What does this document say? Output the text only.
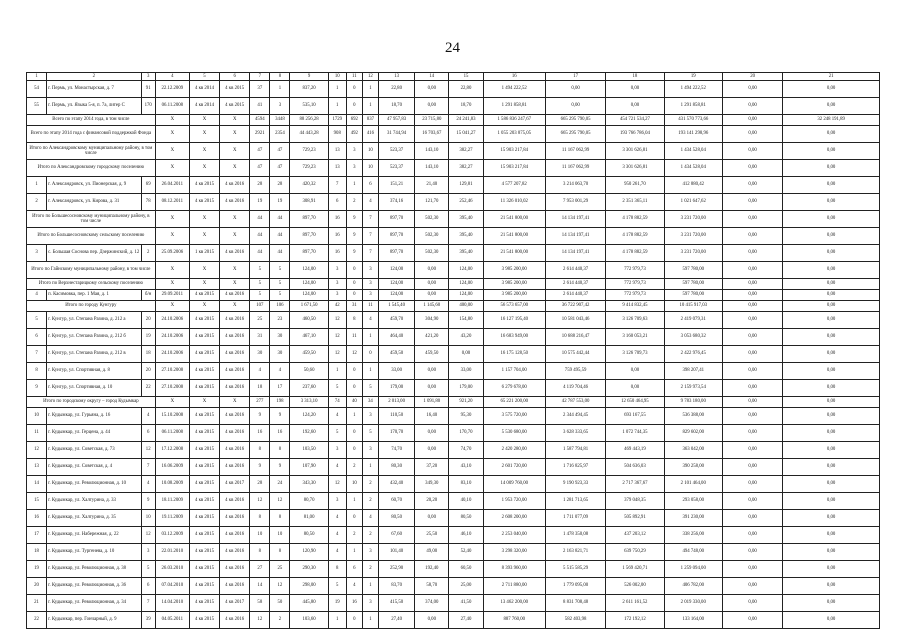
24
1	2	3	4	5	6	7	8	9	10	11	12	13	14	15	16	17	18	19	20	21
54	г. Пермь, ул. Монастырская, д. 7	91	22.12.2009	4 кв 2014	4 кв 2015	37	1	837,20	1	0	1	22,80	0,00	22,80	1 494 222,52	0,00	0,00	1 494 222,52	0,00	0,00
55	г. Пермь, ул. Языка 5-я, п. 7а, литер С	170	06.11.2008	4 кв 2014	4 кв 2015	41	3	535,10	1	0	1	18,70	0,00	18,70	1 291 858,81	0,00	0,00	1 291 858,81	0,00	0,00
Всего по этапу 2014 года, в том числе			X	X	X	4594	3448	88 256,28	1729	692	837	47 957,83	23 715,80	24 241,83	1 586 836 247,67	665 295 790,05	454 721 534,27	431 570 773,66	0,00	32 248 191,89
Всего по этапу 2014 года с финансовой поддержкой Фонда			X	X	X	2921	2354	44 443,28	908	492	416	31 744,94	16 703,67	15 041,27	1 055 203 875,05	665 295 790,05	193 766 786,04	193 141 298,96	0,00	0,00
Итого по Александровскому муниципальному району, в том числе			X	X	X	47	47	729,23	13	3	10	523,37	143,10	382,27	15 903 217,84	11 167 062,99	3 301 626,81	1 434 528,04	0,00	0,00
Итого по Александровскому городскому поселению			X	X	X	47	47	729,23	13	3	10	523,37	143,10	382,27	15 903 217,84	11 167 062,99	3 301 626,81	1 434 528,04	0,00	0,00
1	г. Александровск, ул. Пионерская, д. 9	69	26.04.2011	4 кв 2015	4 кв 2016	28	28	420,32	7	1	6	151,21	21,40	129,81	4 577 207,82	3 214 063,70	950 261,70	412 880,42	0,00	0,00
2	г. Александровск, ул. Кирова, д. 31	78	08.12.2011	4 кв 2015	4 кв 2016	19	19	308,91	6	2	4	374,16	121,70	252,46	11 326 010,02	7 953 001,29	2 351 365,11	1 021 647,62	0,00	0,00
Итого по Большесосновскому муниципальному району, в том числе			X	X	X	44	44	897,70	16	9	7	897,70	502,30	395,40	21 541 800,00	14 134 197,41	4 178 882,59	3 231 720,00	0,00	0,00
Итого по Большесосновскому сельскому поселению			X	X	X	44	44	897,70	16	9	7	897,70	502,30	395,40	21 541 800,00	14 134 197,41	4 178 882,59	3 231 720,00	0,00	0,00
3	с. Большая Соснова пер. Дзержинский, д. 12	2	25.09.2006	1 кв 2015	4 кв 2016	44	44	897,70	16	9	7	897,70	502,30	395,40	21 541 800,00	14 134 197,41	4 178 882,59	3 231 720,00	0,00	0,00
Итого по Гайнскому муниципальному району, в том числе			X	X	X	5	5	124,00	3	0	3	124,00	0,00	124,00	3 985 200,00	2 614 440,37	772 979,73	597 780,00	0,00	0,00
Итого по Верхнестарицкому сельскому поселению			X	X	X	5	5	124,00	3	0	3	124,00	0,00	124,00	3 985 200,00	2 614 440,37	772 979,73	597 780,00	0,00	0,00
4	п. Касимовка, пер. 1 Мая, д. 1	б/н	29.09.2011	4 кв 2015	4 кв 2016	5	5	124,00	3	0	3	124,00	0,00	124,00	3 985 200,00	2 614 440,37	772 979,73	597 780,00	0,00	0,00
Итого по городу Кунгуру			X	X	X	107	106	1 671,50	42	31	11	1 545,40	1 145,60	400,00	56 573 657,00	36 722 907,42	9 414 832,45	10 415 917,03	0,00	0,00
5	г. Кунгур, ул. Степана Разина, д. 212 а	20	24.10.2006	4 кв 2015	4 кв 2016	25	23	460,50	12	8	4	459,70	304,90	154,80	16 127 195,40	10 581 043,46	3 126 709,63	2 419 079,31	0,00	0,00
6	г. Кунгур, ул. Степана Разина, д. 212 б	19	24.10.2006	4 кв 2015	4 кв 2016	31	30	467,10	12	11	1	464,40	421,20	43,20	16 683 949,00	10 688 216,47	3 160 053,21	3 053 680,32	0,00	0,00
7	г. Кунгур, ул. Степана Разина, д. 212 в	18	24.10.2006	4 кв 2015	4 кв 2016	30	30	459,50	12	12	0	459,50	459,50	0,00	16 175 128,50	10 575 442,44	3 126 709,73	2 422 976,45	0,00	0,00
8	г. Кунгур, ул. Спортивная, д. 8	20	27.10.2008	4 кв 2015	4 кв 2016	4	4	50,60	1	0	1	33,00	0,00	33,00	1 157 704,00	759 495,59	0,00	398 207,41	0,00	0,00
9	г. Кунгур, ул. Спортивная, д. 10	22	27.10.2008	4 кв 2015	4 кв 2016	18	17	237,60	5	0	5	179,00	0,00	179,00	6 279 678,00	4 119 704,46	0,00	2 159 973,54	0,00	0,00
Итого по городскому округу – город Кудымкар			X	X	X	277	198	3 313,10	74	40	34	2 013,00	1 091,80	921,20	65 221 200,00	42 787 553,00	12 650 464,95	9 783 180,00	0,00	0,00
10	г. Кудымкар, ул. Гурьяна, д. 16	4	15.10.2008	4 кв 2015	4 кв 2016	9	9	124,20	4	1	3	110,50	16,40	95,30	3 575 720,00	2 344 494,45	693 167,55	536 388,00	0,00	0,00
11	г. Кудымкар, ул. Герцена, д. 44	6	06.11.2008	4 кв 2015	4 кв 2016	16	16	192,60	5	0	5	170,70	0,00	170,70	5 530 680,00	3 628 333,65	1 072 744,35	829 602,00	0,00	0,00
12	г. Кудымкар, ул. Советская, д. 73	12	17.12.2008	4 кв 2015	4 кв 2016	8	8	103,50	3	0	3	74,70	0,00	74,70	2 420 280,00	1 587 794,81	469 443,19	363 042,00	0,00	0,00
13	г. Кудымкар, ул. Советская, д. 4	7	16.06.2009	4 кв 2015	4 кв 2016	9	9	107,90	4	2	1	80,30	37,20	43,10	2 601 720,00	1 716 825,97	504 636,03	390 258,00	0,00	0,00
14	г. Кудымкар, ул. Революционная, д. 10	4	10.08.2009	4 кв 2015	4 кв 2017	28	24	343,30	12	10	2	432,40	349,30	83,10	14 009 760,00	9 190 923,33	2 717 367,67	2 101 464,00	0,00	0,00
15	г. Кудымкар, ул. Халтурина, д. 33	9	18.11.2009	4 кв 2015	4 кв 2016	12	12	80,70	3	1	2	60,70	20,20	40,10	1 953 720,00	1 281 713,65	379 048,35	293 058,00	0,00	0,00
16	г. Кудымкар, ул. Халтурина, д. 35	10	19.11.2009	4 кв 2015	4 кв 2016	8	8	81,00	4	0	4	80,50	0,00	80,50	2 608 200,00	1 711 077,09	505 892,91	391 230,00	0,00	0,00
17	г. Кудымкар, ул. Набережная, д. 22	12	03.12.2009	4 кв 2015	4 кв 2016	10	10	80,50	4	2	2	67,60	25,50	46,10	2 253 040,00	1 478 350,08	437 203,12	338 256,00	0,00	0,00
18	г. Кудымкар, ул. Тургенева, д. 10	3	22.01.2010	4 кв 2015	4 кв 2016	8	8	120,90	4	1	3	101,40	49,00	52,40	3 298 320,00	2 163 821,71	639 750,29	494 748,00	0,00	0,00
19	г. Кудымкар, ул. Революционная, д. 38	5	26.03.2010	4 кв 2015	4 кв 2016	27	25	290,30	8	6	2	252,90	192,40	60,50	8 393 960,00	5 515 585,29	1 569 420,71	1 259 094,00	0,00	0,00
20	г. Кудымкар, ул. Революционная, д. 36	6	07.04.2010	4 кв 2015	4 кв 2016	14	12	298,00	5	4	1	83,70	58,70	25,00	2 711 880,00	1 779 095,00	526 002,00	406 782,00	0,00	0,00
21	г. Кудымкар, ул. Революционная, д. 34	7	14.04.2010	4 кв 2015	4 кв 2017	58	50	445,80	19	16	3	415,50	374,00	41,50	13 462 200,00	8 831 708,48	2 611 161,52	2 019 330,00	0,00	0,00
22	г. Кудымкар, пер. Гончарный, д. 9	39	04.05.2011	4 кв 2015	4 кв 2016	12	2	103,60	1	0	1	27,40	0,00	27,40	887 760,00	582 403,98	172 192,12	133 164,00	0,00	0,00
